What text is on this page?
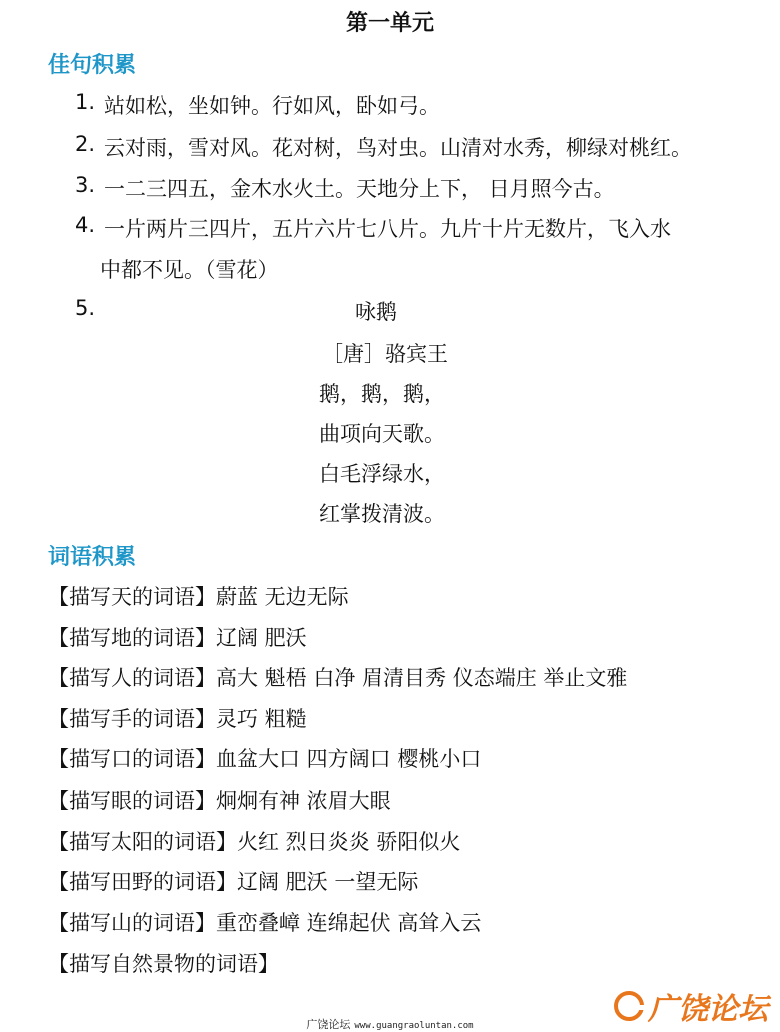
第一单元
佳句积累
1. 站如松，坐如钟。行如风，卧如弓。
2. 云对雨，雪对风。花对树，鸟对虫。山清对水秀，柳绿对桃红。
3. 一二三四五，金木水火土。天地分上下， 日月照今古。
4. 一片两片三四片，五片六片七八片。九片十片无数片，飞入水
中都不见。（雪花）
5.	咏鹅
［唐］骆宾王
鹅，鹅，鹅，
曲项向天歌。
白毛浮绿水，
红掌拨清波。
词语积累
【描写天的词语】蔚蓝 无边无际
【描写地的词语】辽阔 肥沃
【描写人的词语】高大 魁梧 白净 眉清目秀 仪态端庄 举止文雅
【描写手的词语】灵巧 粗糙
【描写口的词语】血盆大口 四方阔口 樱桃小口
【描写眼的词语】炯炯有神 浓眉大眼
【描写太阳的词语】火红 烈日炎炎 骄阳似火
【描写田野的词语】辽阔 肥沃 一望无际
【描写山的词语】重峦叠嶂 连绵起伏 高耸入云
【描写自然景物的词语】
广饶论坛 www.guangraoluntan.com	广饶论坛
